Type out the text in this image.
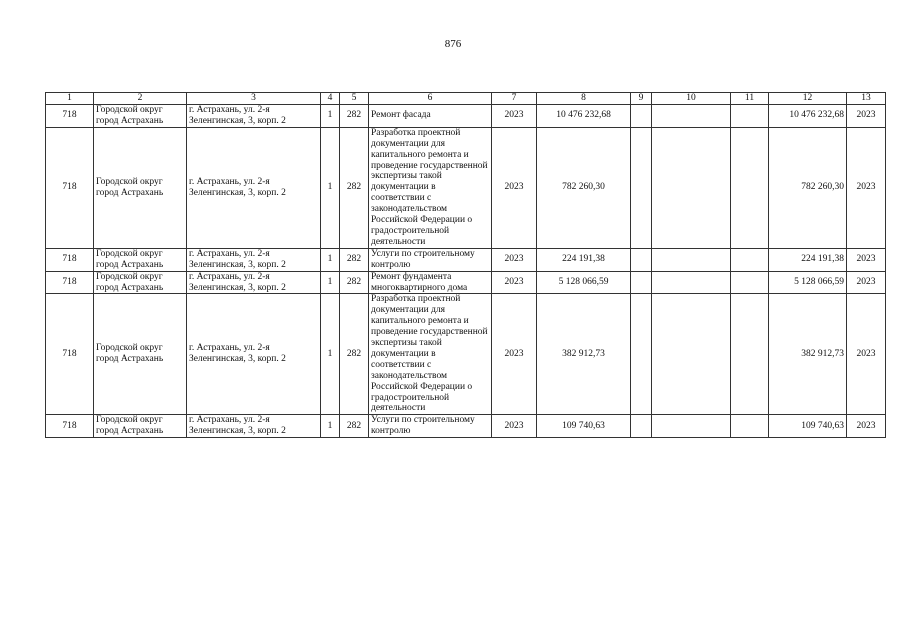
876
1	2	3	4	5	6	7	8	9	10	11	12	13
718	Городской округ город Астрахань	г. Астрахань, ул. 2-я Зеленгинская, 3, корп. 2	1	282	Ремонт фасада	2023	10 476 232,68				10 476 232,68	2023
718	Городской округ город Астрахань	г. Астрахань, ул. 2-я Зеленгинская, 3, корп. 2	1	282	Разработка проектной документации для капитального ремонта и проведение государственной экспертизы такой документации в соответствии с законодательством Российской Федерации о градостроительной деятельности	2023	782 260,30				782 260,30	2023
718	Городской округ город Астрахань	г. Астрахань, ул. 2-я Зеленгинская, 3, корп. 2	1	282	Услуги по строительному контролю	2023	224 191,38				224 191,38	2023
718	Городской округ город Астрахань	г. Астрахань, ул. 2-я Зеленгинская, 3, корп. 2	1	282	Ремонт фундамента многоквартирного дома	2023	5 128 066,59				5 128 066,59	2023
718	Городской округ город Астрахань	г. Астрахань, ул. 2-я Зеленгинская, 3, корп. 2	1	282	Разработка проектной документации для капитального ремонта и проведение государственной экспертизы такой документации в соответствии с законодательством Российской Федерации о градостроительной деятельности	2023	382 912,73				382 912,73	2023
718	Городской округ город Астрахань	г. Астрахань, ул. 2-я Зеленгинская, 3, корп. 2	1	282	Услуги по строительному контролю	2023	109 740,63				109 740,63	2023
